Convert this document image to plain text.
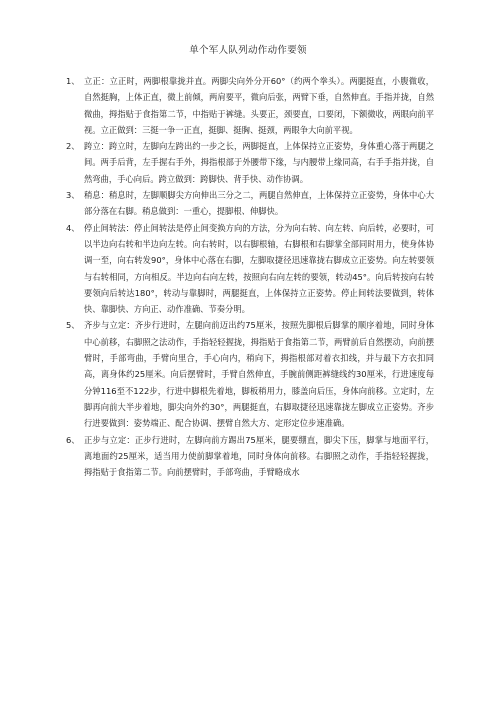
单个军人队列动作动作要领
1、 立正：立正时，两脚根靠拢并直。两脚尖向外分开60°（约两个拳头）。两腿挺直，小腹微收，自然挺胸，上体正直，微上前倾，两肩要平，微向后张，两臂下垂，自然伸直。手指并拢，自然微曲，拇指贴于食指第二节，中指贴于裤缝。头要正，颈要直，口要闭，下额微收，两眼向前平视。立正做到：三挺一争一正直，挺脚、挺胸、挺颈，两眼争大向前平视。
2、 跨立：跨立时，左脚向左跨出约一步之长，两脚挺直，上体保持立正姿势，身体重心落于两腿之间。两手后背，左手握右手外，拇指根部于外腰带下缘，与内腰带上缘同高，右手手指并拢，自然弯曲，手心向后。跨立做到：跨脚快、背手快、动作协调。
3、 稍息：稍息时，左脚顺脚尖方向伸出三分之二，两腿自然伸直，上体保持立正姿势，身体中心大部分落在右脚。稍息做到：一重心，提脚根、伸脚快。
4、 停止间转法：停止间转法是停止间变换方向的方法，分为向右转、向左转、向后转，必要时，可以半边向右转和半边向左转。向右转时，以右脚根轴，右脚根和右脚掌全部同时用力，使身体协调一至，向右转发90°，身体中心落在右脚，左脚取捷径迅速靠拢右脚成立正姿势。向左转要领与右转相同，方向相反。半边向右向左转，按照向右向左转的要领，转动45°。向后转按向右转要领向后转达180°，转动与靠脚时，两腿挺直，上体保持立正姿势。停止间转法要做到，转体快、靠脚快、方向正、动作准确、节奏分明。
5、 齐步与立定：齐步行进时，左腿向前迈出约75厘米，按照先脚根后脚掌的顺序着地，同时身体中心前移，右脚照之法动作，手指轻轻握拢，拇指贴于食指第二节，两臂前后自然摆动，向前摆臂时，手部弯曲，手臂向里合，手心向内，稍向下，拇指根部对着衣扣线，并与最下方衣扣同高，离身体约25厘米。向后摆臂时，手臂自然伸直，手腕前侧距裤缝线约30厘米，行进速度每分钟116至不122步，行进中脚根先着地，脚板稍用力，膝盖向后压，身体向前移。立定时，左脚再向前大半步着地，脚尖向外约30°，两腿挺直，右脚取捷径迅速靠拢左脚成立正姿势。齐步行进要做到：姿势端正、配合协调、摆臂自然大方、定形定位步速准确。
6、 正步与立定：正步行进时，左脚向前方踢出75厘米，腿要绷直，脚尖下压，脚掌与地面平行，离地面约25厘米，适当用力使前脚掌着地，同时身体向前移。右脚照之动作，手指轻轻握拢，拇指贴于食指第二节。向前摆臂时，手部弯曲，手臂略成水
